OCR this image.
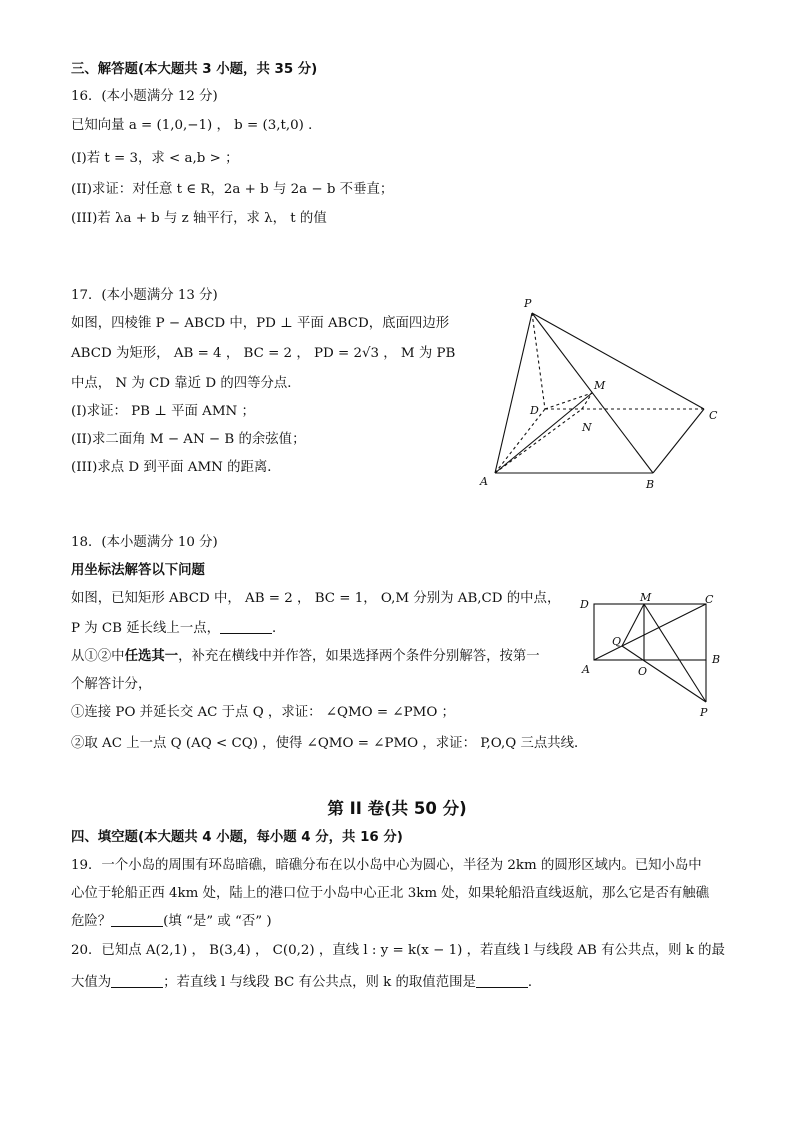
三、解答题(本大题共 3 小题，共 35 分)
16．(本小题满分 12 分)
已知向量 a = (1,0,−1) ， b = (3,t,0) ．
(I)若 t = 3，求 < a,b > ；
(II)求证：对任意 t ∈ R，2a + b 与 2a − b 不垂直；
(III)若 λa + b 与 z 轴平行，求 λ， t 的值
17．(本小题满分 13 分)
如图，四棱锥 P − ABCD 中，PD ⊥ 平面 ABCD，底面四边形
ABCD 为矩形， AB = 4 ， BC = 2 ， PD = 2√3 ， M 为 PB
中点， N 为 CD 靠近 D 的四等分点．
(I)求证： PB ⊥ 平面 AMN ；
(II)求二面角 M − AN − B 的余弦值；
(III)求点 D 到平面 AMN 的距离．
P
M
D	C
N
A	B
18．(本小题满分 10 分)
用坐标法解答以下问题
如图，已知矩形 ABCD 中， AB = 2 ， BC = 1， O,M 分别为 AB,CD 的中点，
P 为 CB 延长线上一点，	．
从①②中任选其一，补充在横线中并作答，如果选择两个条件分别解答，按第一
个解答计分，
①连接 PO 并延长交 AC 于点 Q ，求证： ∠QMO = ∠PMO ；
②取 AC 上一点 Q (AQ < CQ) ，使得 ∠QMO = ∠PMO ，求证： P,O,Q 三点共线．
D
M	C
Q
A	O
B
P
第 II 卷(共 50 分)
四、填空题(本大题共 4 小题，每小题 4 分，共 16 分)
19．一个小岛的周围有环岛暗礁，暗礁分布在以小岛中心为圆心，半径为 2km 的圆形区域内。已知小岛中
心位于轮船正西 4km 处，陆上的港口位于小岛中心正北 3km 处，如果轮船沿直线返航，那么它是否有触礁
危险？	(填 “是” 或 “否” )
20．已知点 A(2,1) ， B(3,4) ， C(0,2) ，直线 l : y = k(x − 1) ，若直线 l 与线段 AB 有公共点，则 k 的最
大值为	；若直线 l 与线段 BC 有公共点，则 k 的取值范围是	．
